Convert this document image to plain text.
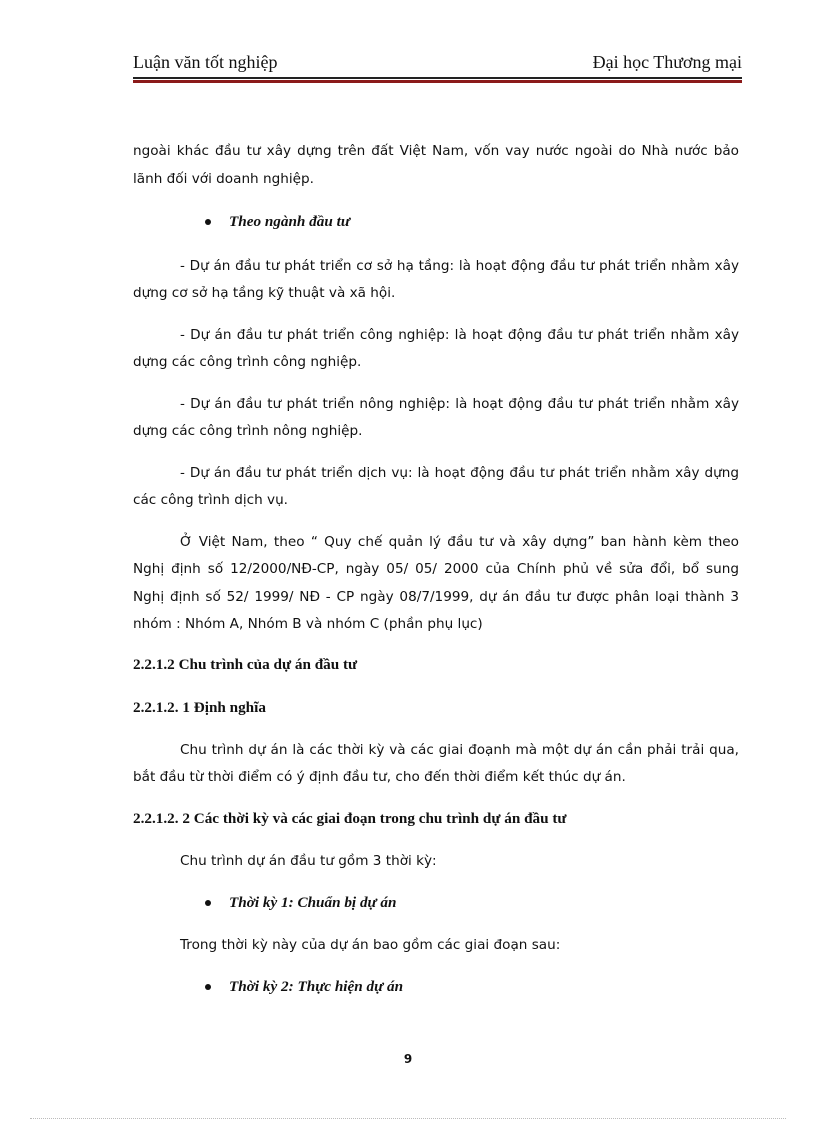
Luận văn tốt nghiệp	Đại học Thương mại
ngoài khác đầu tư xây dựng trên đất Việt Nam, vốn vay nước ngoài do Nhà nước bảo
lãnh đối với doanh nghiệp.
Theo ngành đầu tư
- Dự án đầu tư phát triển cơ sở hạ tầng: là hoạt động đầu tư phát triển nhằm xây
dựng cơ sở hạ tầng kỹ thuật và xã hội.
- Dự án đầu tư phát triển công nghiệp: là hoạt động đầu tư phát triển nhằm xây
dựng các công trình công nghiệp.
- Dự án đầu tư phát triển nông nghiệp: là hoạt động đầu tư phát triển nhằm xây
dựng các công trình nông nghiệp.
- Dự án đầu tư phát triển dịch vụ: là hoạt động đầu tư phát triển nhằm xây dựng
các công trình dịch vụ.
Ở Việt Nam, theo “ Quy chế quản lý đầu tư và xây dựng” ban hành kèm theo
Nghị định số 12/2000/NĐ-CP, ngày 05/ 05/ 2000 của Chính phủ về sửa đổi, bổ sung
Nghị định số 52/ 1999/ NĐ - CP ngày 08/7/1999, dự án đầu tư được phân loại thành 3
nhóm : Nhóm A, Nhóm B và nhóm C (phần phụ lục)
2.2.1.2 Chu trình của dự án đầu tư
2.2.1.2. 1 Định nghĩa
Chu trình dự án là các thời kỳ và các giai đoạnh mà một dự án cần phải trải qua,
bắt đầu từ thời điểm có ý định đầu tư, cho đến thời điểm kết thúc dự án.
2.2.1.2. 2 Các thời kỳ và các giai đoạn trong chu trình dự án đầu tư
Chu trình dự án đầu tư gồm 3 thời kỳ:
Thời kỳ 1: Chuẩn bị dự án
Trong thời kỳ này của dự án bao gồm các giai đoạn sau:
Thời kỳ 2: Thực hiện dự án
9
